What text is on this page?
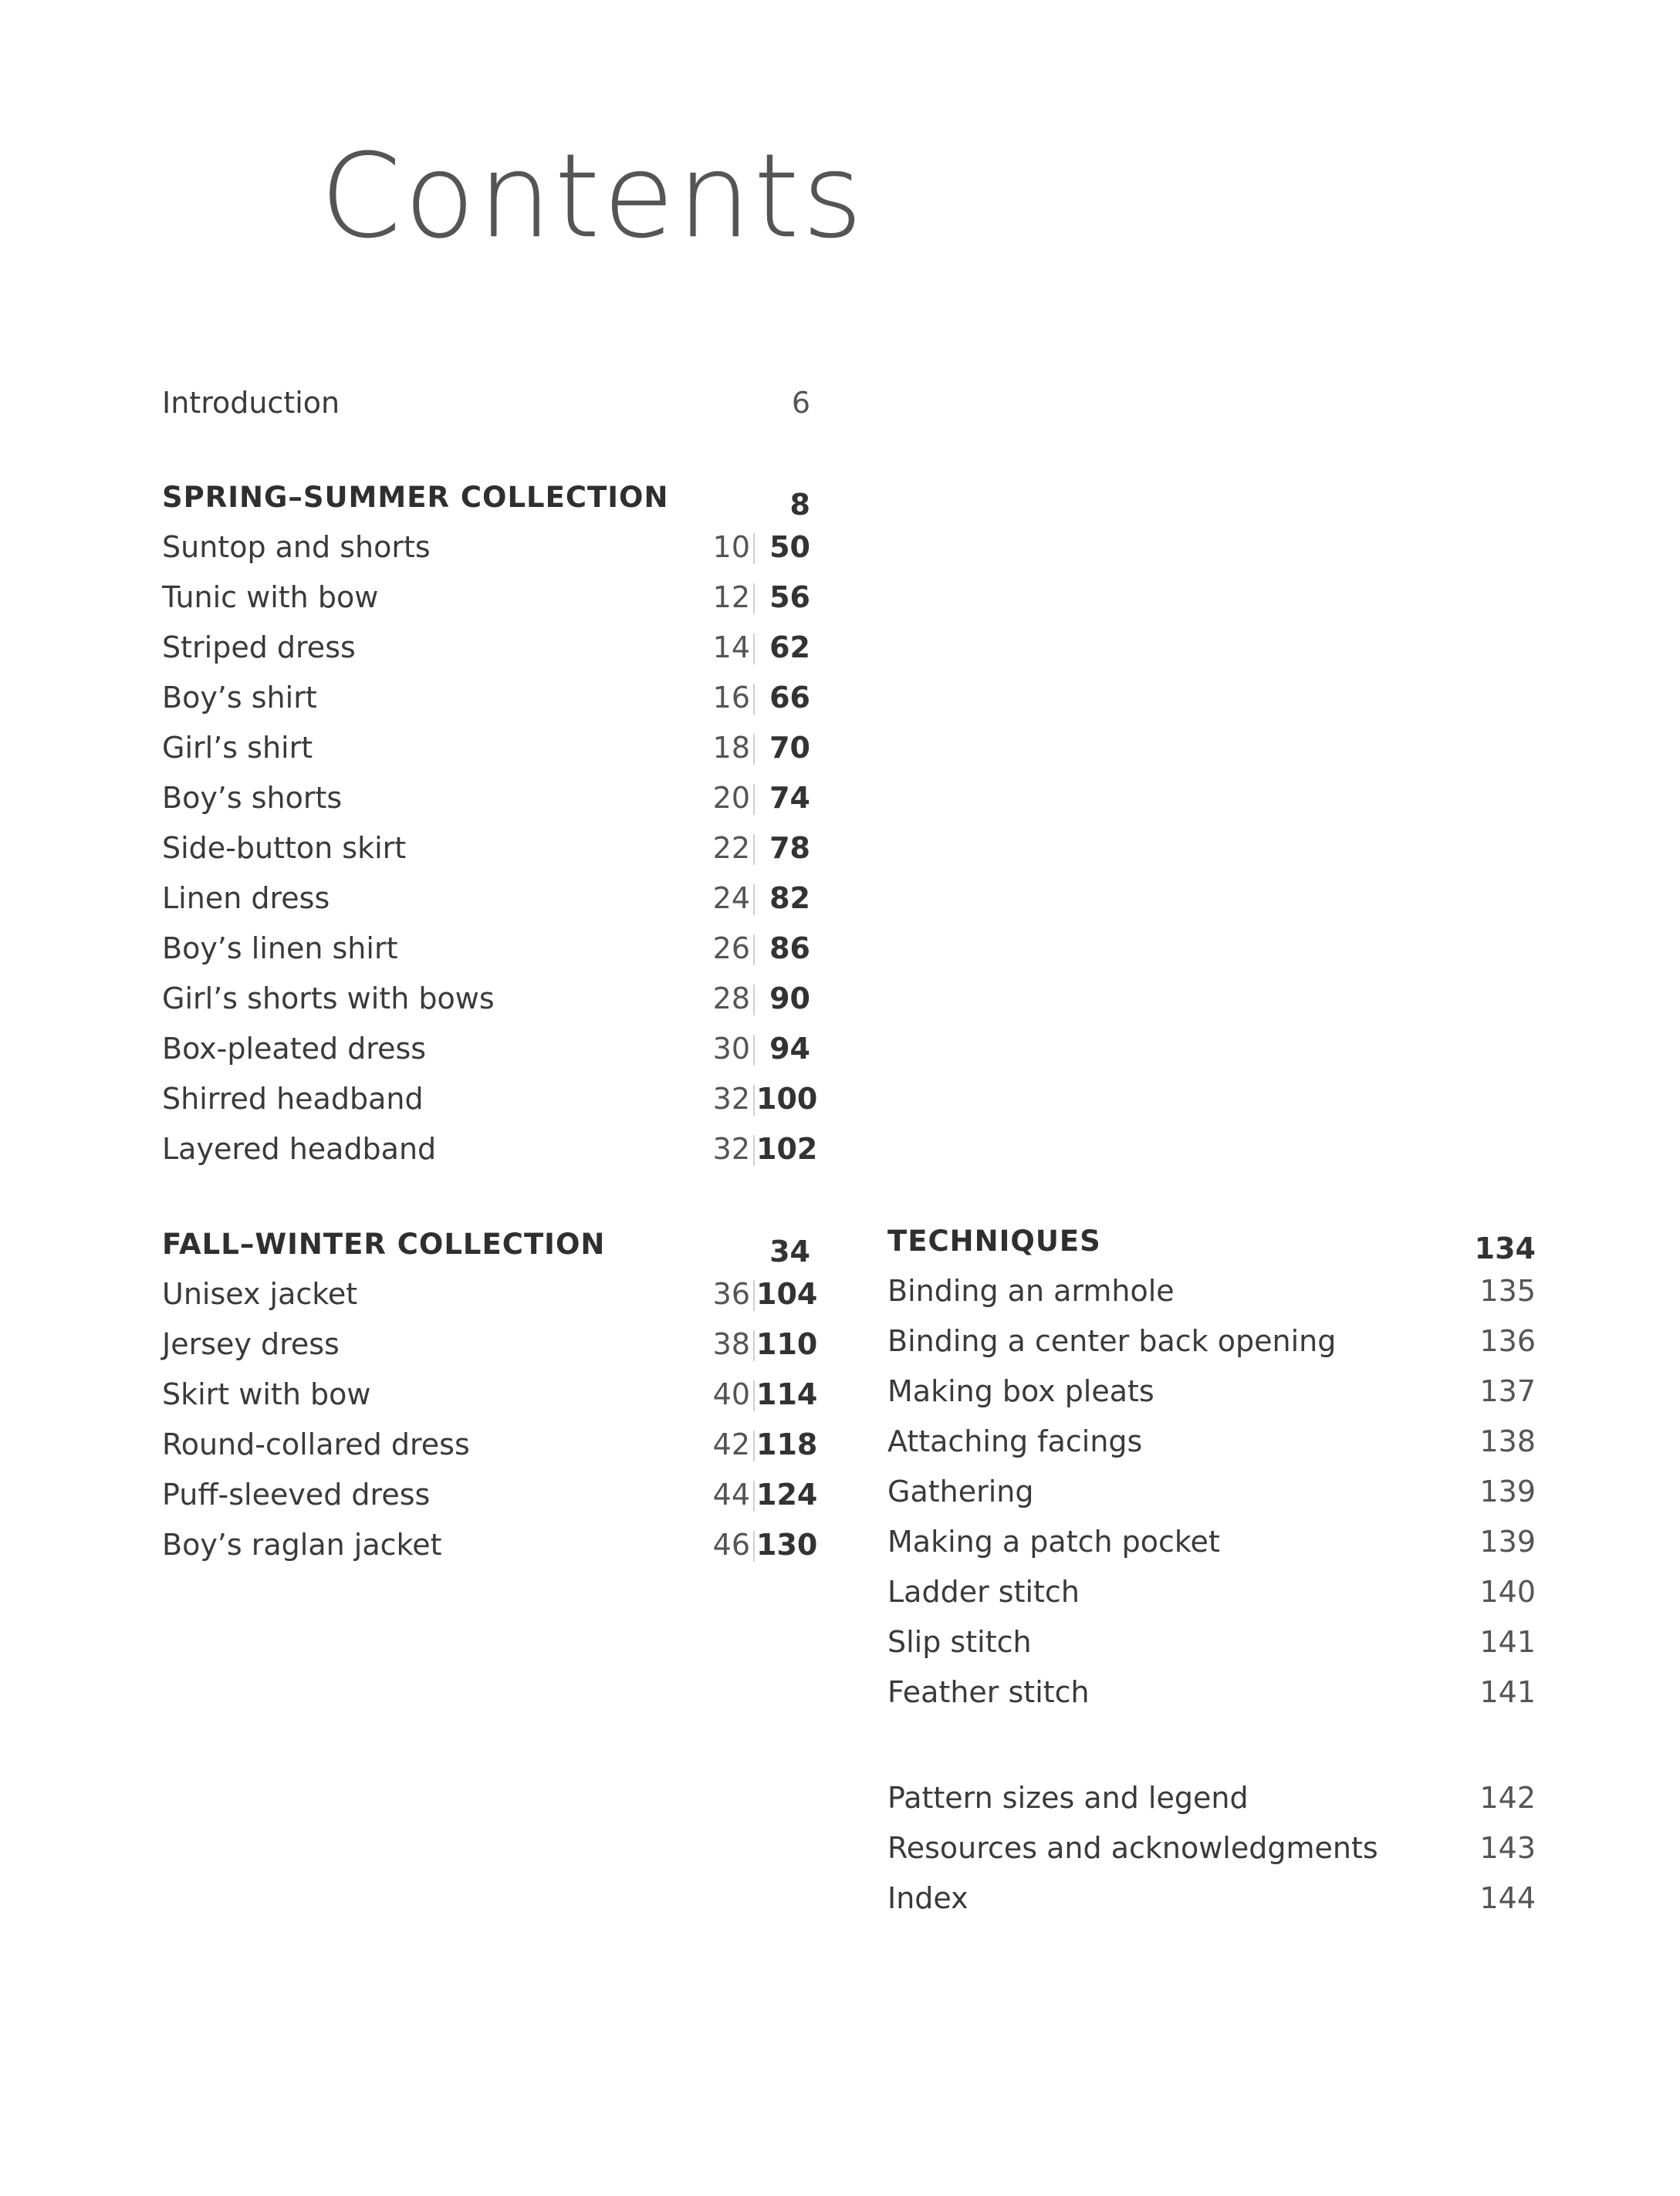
Contents
Introduction	6
SPRING–SUMMER COLLECTION	8
Suntop and shorts	10 50
Tunic with bow	12 56
Striped dress	14 62
Boy’s shirt	16 66
Girl’s shirt	18 70
Boy’s shorts	20 74
Side-button skirt	22 78
Linen dress	24 82
Boy’s linen shirt	26 86
Girl’s shorts with bows	28 90
Box-pleated dress	30 94
Shirred headband	32 100
Layered headband	32 102
FALL–WINTER COLLECTION	34
Unisex jacket	36 104
Jersey dress	38 110
Skirt with bow	40 114
Round-collared dress	42 118
Puff-sleeved dress	44 124
Boy’s raglan jacket	46 130
TECHNIQUES	134
Binding an armhole	135
Binding a center back opening	136
Making box pleats	137
Attaching facings	138
Gathering	139
Making a patch pocket	139
Ladder stitch	140
Slip stitch	141
Feather stitch	141
Pattern sizes and legend	142
Resources and acknowledgments	143
Index	144
